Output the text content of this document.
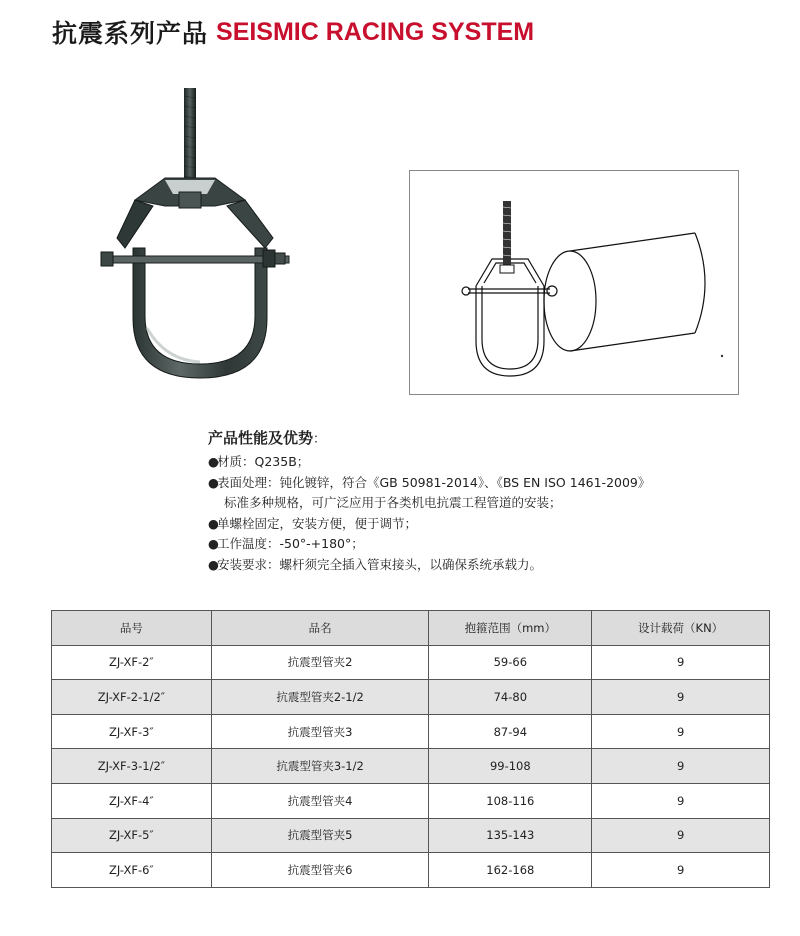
抗震系列产品 SEISMIC RACING SYSTEM
产品性能及优势：
●材质：Q235B；
●表面处理：钝化镀锌，符合《GB 50981-2014》、《BS EN ISO 1461-2009》
标准多种规格，可广泛应用于各类机电抗震工程管道的安装；
●单螺栓固定，安装方便，便于调节；
●工作温度：-50°-+180°；
●安装要求：螺杆须完全插入管束接头，以确保系统承载力。
品号	品名	抱箍范围（mm）	设计载荷（KN）
ZJ-XF-2″	抗震型管夹2	59-66	9
ZJ-XF-2-1/2″	抗震型管夹2-1/2	74-80	9
ZJ-XF-3″	抗震型管夹3	87-94	9
ZJ-XF-3-1/2″	抗震型管夹3-1/2	99-108	9
ZJ-XF-4″	抗震型管夹4	108-116	9
ZJ-XF-5″	抗震型管夹5	135-143	9
ZJ-XF-6″	抗震型管夹6	162-168	9
